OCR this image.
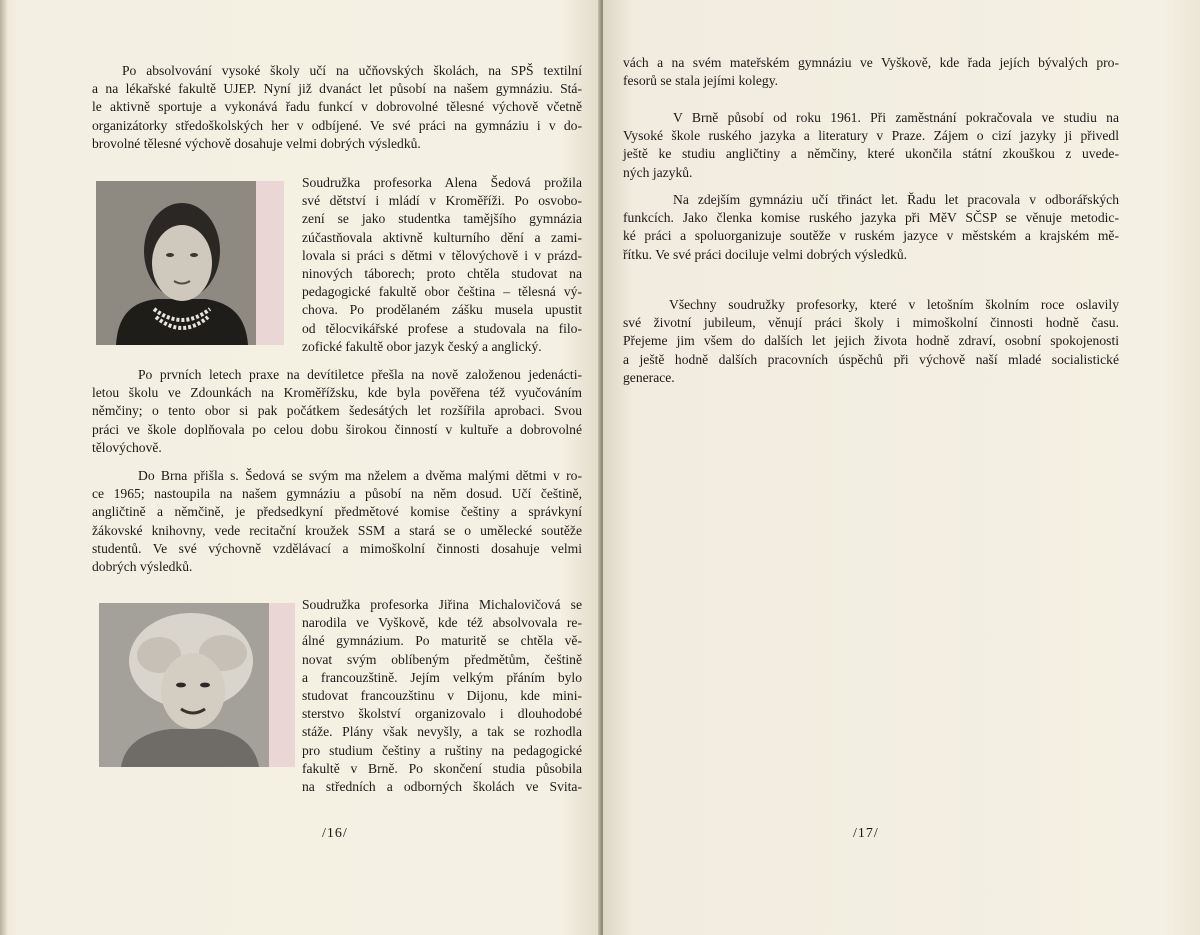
Po absolvování vysoké školy učí na učňovských školách, na SPŠ textilní
a na lékařské fakultě UJEP. Nyní již dvanáct let působí na našem gymnáziu. Stá-
le aktivně sportuje a vykonává řadu funkcí v dobrovolné tělesné výchově včetně
organizátorky středoškolských her v odbíjené. Ve své práci na gymnáziu i v do-
brovolné tělesné výchově dosahuje velmi dobrých výsledků.
Soudružka profesorka Alena Šedová prožila
své dětství i mládí v Kroměříži. Po osvobo-
zení se jako studentka tamějšího gymnázia
zúčastňovala aktivně kulturního dění a zami-
lovala si práci s dětmi v tělovýchově i v prázd-
ninových táborech; proto chtěla studovat na
pedagogické fakultě obor čeština – tělesná vý-
chova. Po prodělaném zášku musela upustit
od tělocvikářské profese a studovala na filo-
zofické fakultě obor jazyk český a anglický.
Po prvních letech praxe na devítiletce přešla na nově založenou jedenácti-
letou školu ve Zdounkách na Kroměřížsku, kde byla pověřena též vyučováním
němčiny; o tento obor si pak počátkem šedesátých let rozšířila aprobaci. Svou
práci ve škole doplňovala po celou dobu širokou činností v kultuře a dobrovolné
tělovýchově.
Do Brna přišla s. Šedová se svým ma nželem a dvěma malými dětmi v ro-
ce 1965; nastoupila na našem gymnáziu a působí na něm dosud. Učí češtině,
angličtině a němčině, je předsedkyní předmětové komise češtiny a správkyní
žákovské knihovny, vede recitační kroužek SSM a stará se o umělecké soutěže
studentů. Ve své výchovně vzdělávací a mimoškolní činnosti dosahuje velmi
dobrých výsledků.
Soudružka profesorka Jiřina Michalovičová se
narodila ve Vyškově, kde též absolvovala re-
álné gymnázium. Po maturitě se chtěla vě-
novat svým oblíbeným předmětům, češtině
a francouzštině. Jejím velkým přáním bylo
studovat francouzštinu v Dijonu, kde mini-
sterstvo školství organizovalo i dlouhodobé
stáže. Plány však nevyšly, a tak se rozhodla
pro studium češtiny a ruštiny na pedagogické
fakultě v Brně. Po skončení studia působila
na středních a odborných školách ve Svita-
/16/
vách a na svém mateřském gymnáziu ve Vyškově, kde řada jejích bývalých pro-
fesorů se stala jejími kolegy.
V Brně působí od roku 1961. Při zaměstnání pokračovala ve studiu na
Vysoké škole ruského jazyka a literatury v Praze. Zájem o cizí jazyky ji přivedl
ještě ke studiu angličtiny a němčiny, které ukončila státní zkouškou z uvede-
ných jazyků.
Na zdejším gymnáziu učí třináct let. Řadu let pracovala v odborářských
funkcích. Jako členka komise ruského jazyka při MěV SČSP se věnuje metodic-
ké práci a spoluorganizuje soutěže v ruském jazyce v městském a krajském mě-
řítku. Ve své práci dociluje velmi dobrých výsledků.
Všechny soudružky profesorky, které v letošním školním roce oslavily
své životní jubileum, věnují práci školy i mimoškolní činnosti hodně času.
Přejeme jim všem do dalších let jejich života hodně zdraví, osobní spokojenosti
a ještě hodně dalších pracovních úspěchů při výchově naší mladé socialistické
generace.
/17/
